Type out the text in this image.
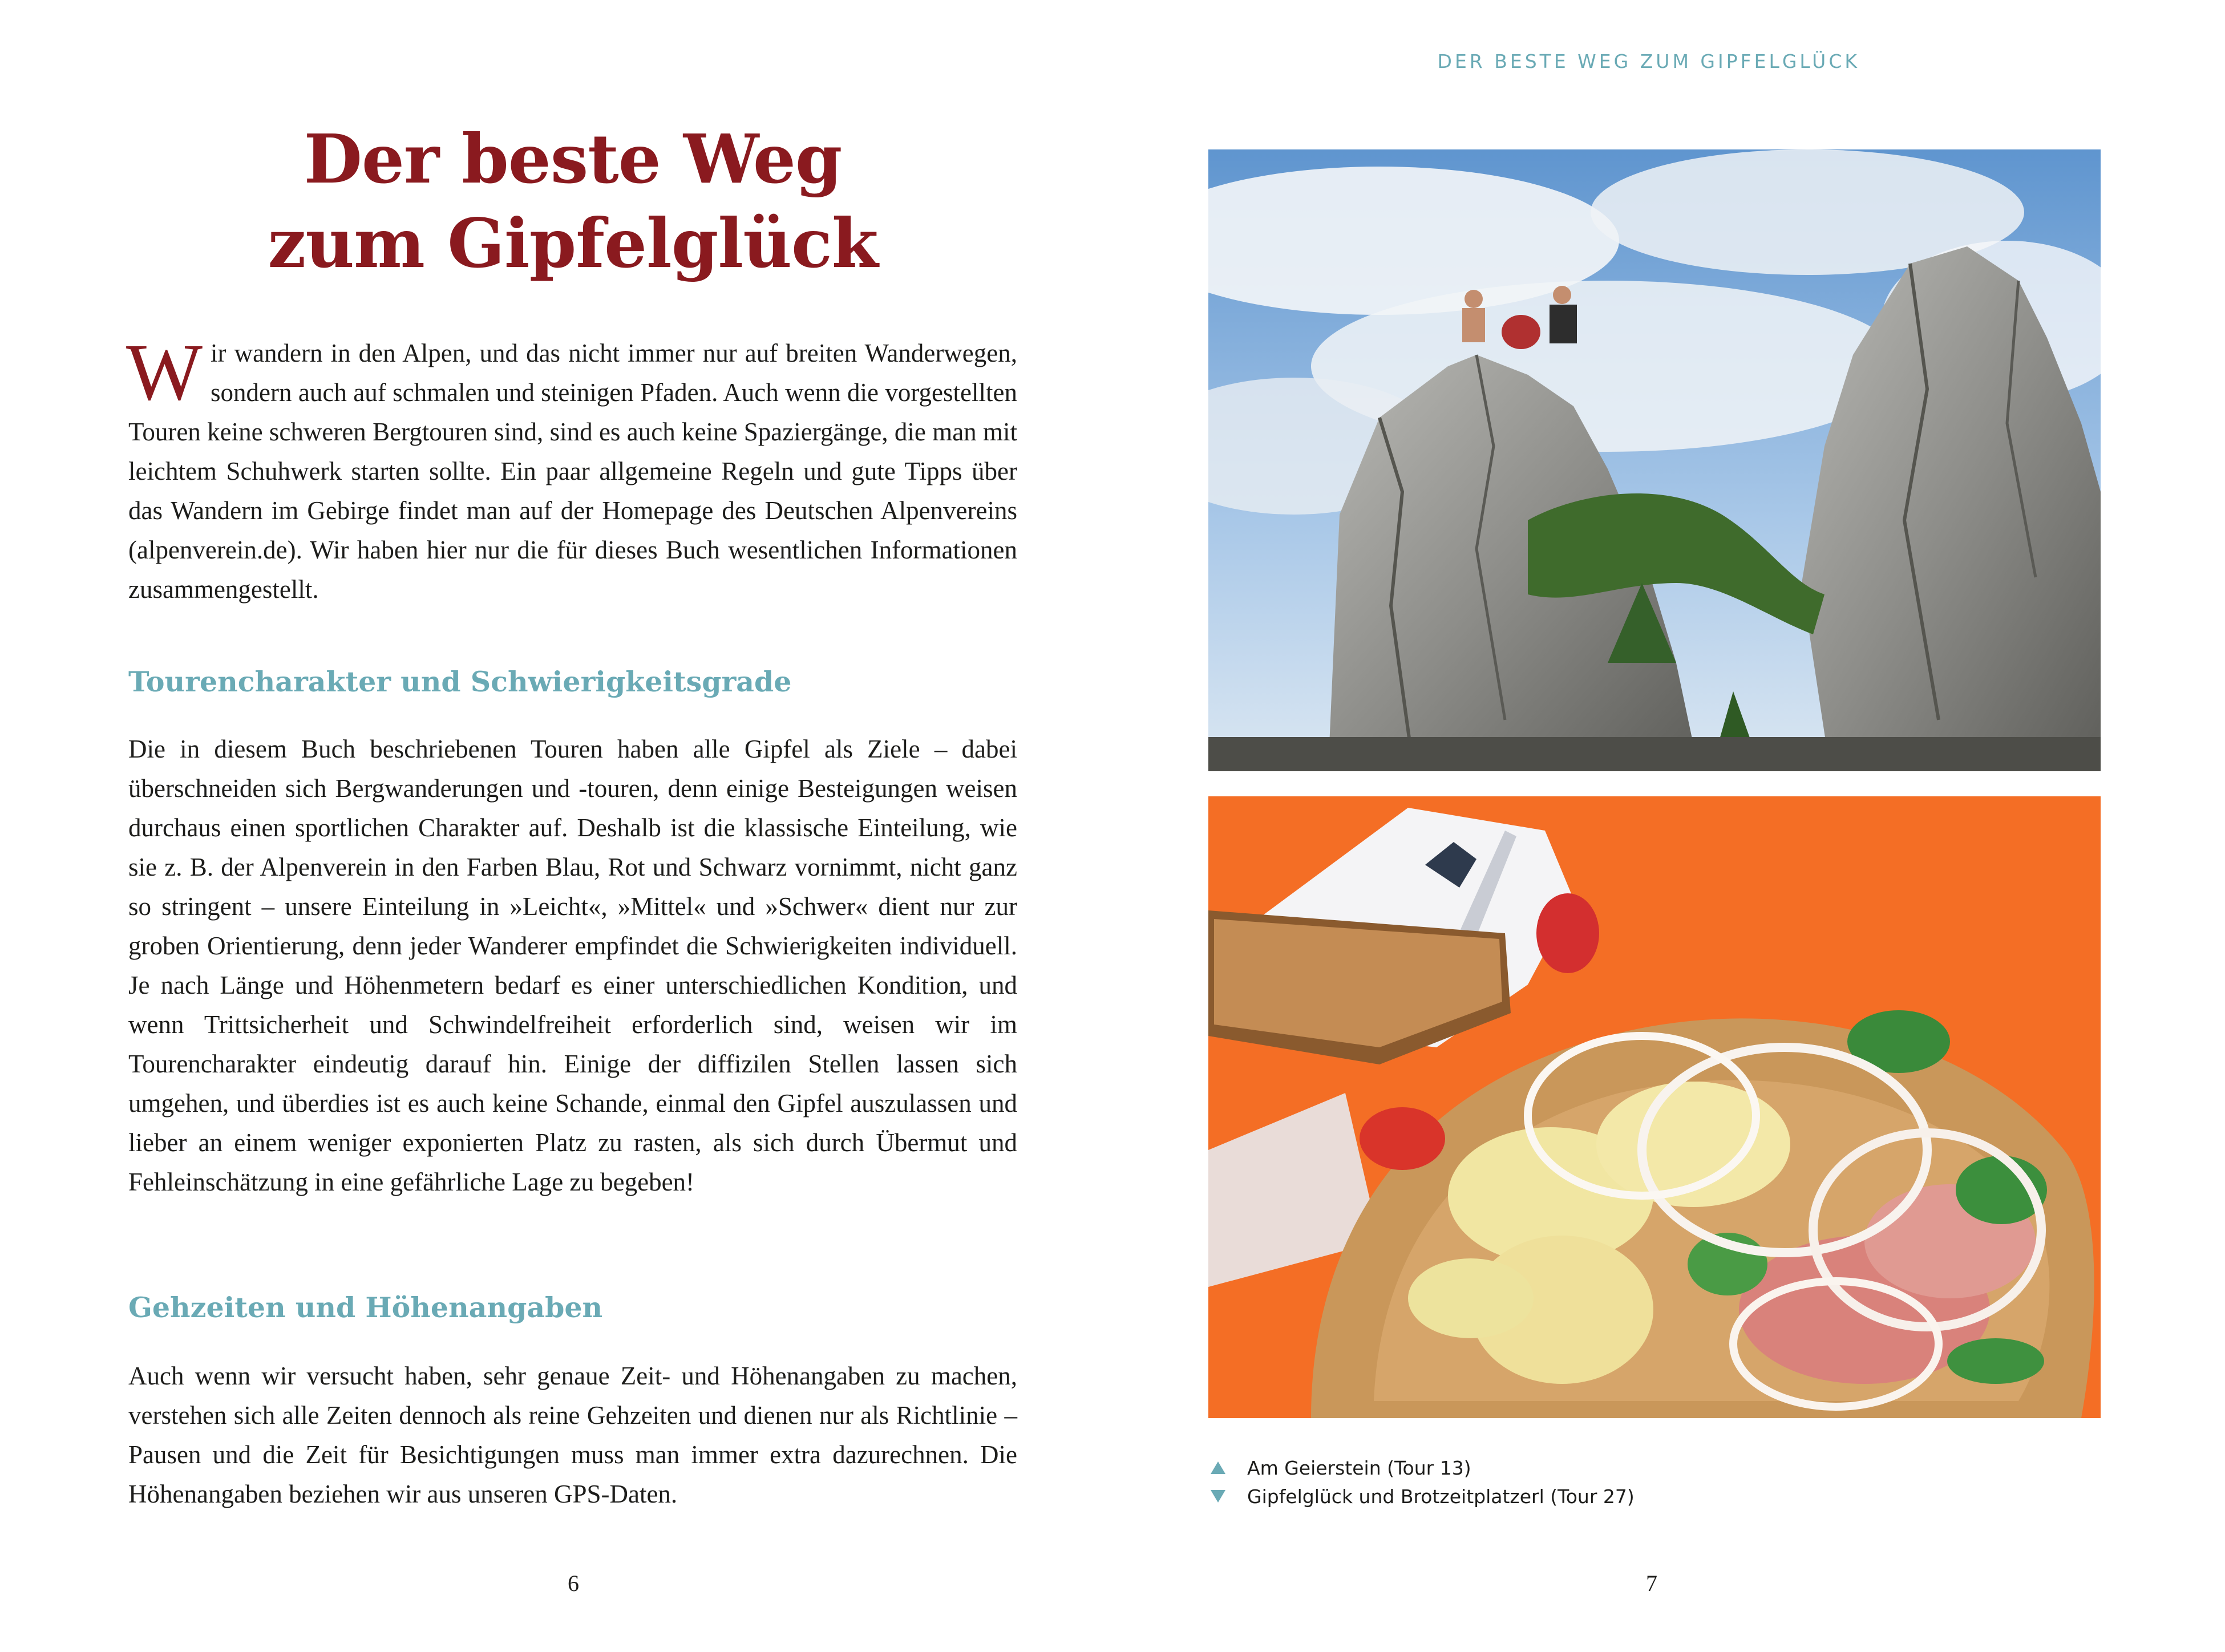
Der beste Weg
zum Gipfelglück

Wir wandern in den Alpen, und das nicht immer nur auf breiten Wanderwegen, sondern auch auf schmalen und steinigen Pfaden. Auch wenn die vorgestellten Touren keine schweren Bergtouren sind, sind es auch keine Spaziergänge, die man mit leichtem Schuhwerk starten sollte. Ein paar allgemeine Regeln und gute Tipps über das Wandern im Gebirge findet man auf der Homepage des Deutschen Alpenvereins (alpenverein.de). Wir haben hier nur die für dieses Buch wesentlichen Informationen zusammengestellt.

Tourencharakter und Schwierigkeitsgrade

Die in diesem Buch beschriebenen Touren haben alle Gipfel als Ziele – dabei überschneiden sich Bergwanderungen und -touren, denn einige Besteigungen weisen durchaus einen sportlichen Charakter auf. Deshalb ist die klassische Einteilung, wie sie z. B. der Alpenverein in den Farben Blau, Rot und Schwarz vornimmt, nicht ganz so stringent – unsere Einteilung in »Leicht«, »Mittel« und »Schwer« dient nur zur groben Orientierung, denn jeder Wanderer empfindet die Schwierigkeiten individuell. Je nach Länge und Höhenmetern bedarf es einer unterschiedlichen Kondition, und wenn Trittsicherheit und Schwindelfreiheit erforderlich sind, weisen wir im Tourencharakter eindeutig darauf hin. Einige der diffizilen Stellen lassen sich umgehen, und überdies ist es auch keine Schande, einmal den Gipfel auszulassen und lieber an einem weniger exponierten Platz zu rasten, als sich durch Übermut und Fehleinschätzung in eine gefährliche Lage zu begeben!

Gehzeiten und Höhenangaben

Auch wenn wir versucht haben, sehr genaue Zeit- und Höhenangaben zu machen, verstehen sich alle Zeiten dennoch als reine Gehzeiten und dienen nur als Richtlinie – Pausen und die Zeit für Besichtigungen muss man immer extra dazurechnen. Die Höhenangaben beziehen wir aus unseren GPS-Daten.

6
DER BESTE WEG ZUM GIPFELGLÜCK
Am Geierstein (Tour 13)
Gipfelglück und Brotzeitplatzerl (Tour 27)
7
